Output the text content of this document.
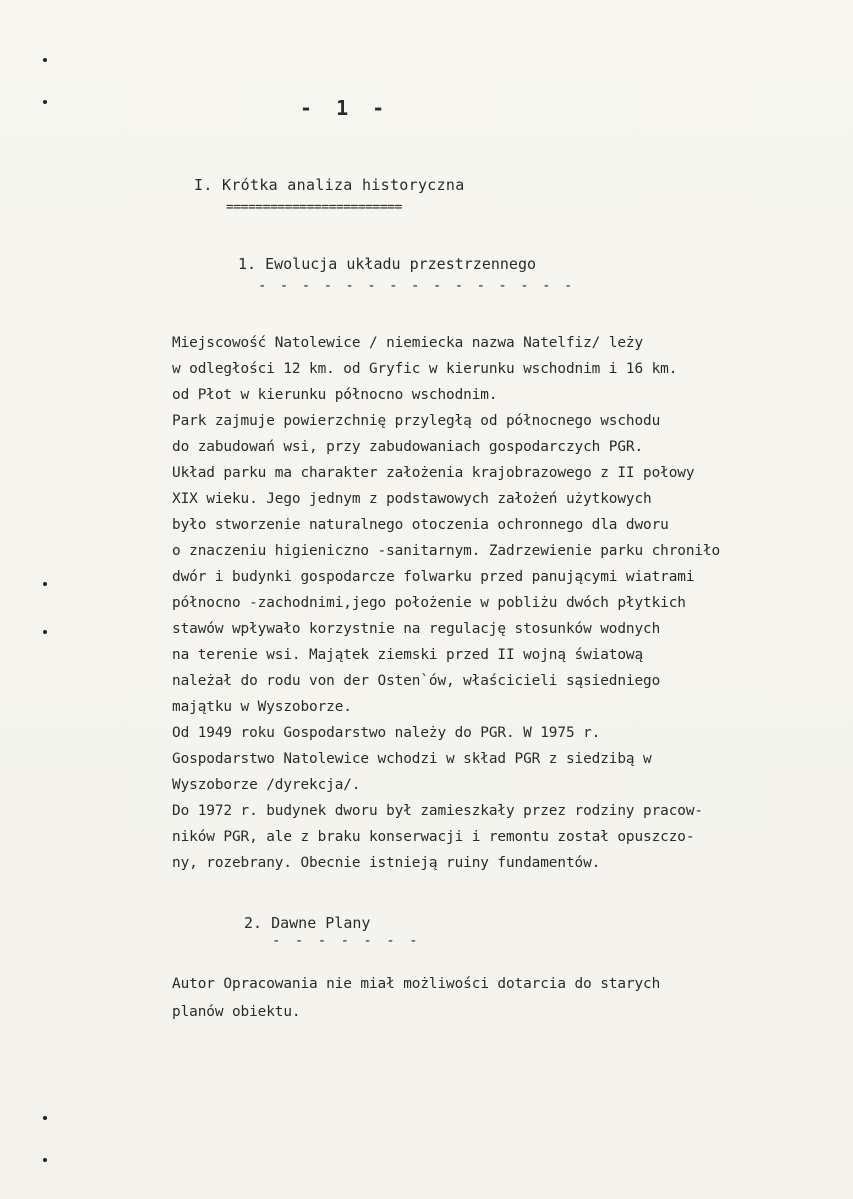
- 1 -
I. Krótka analiza historyczna
========================
1. Ewolucja układu przestrzennego
- - - - - - - - - - - - - - -
Miejscowość Natolewice / niemiecka nazwa Natelfiz/ leży
w odległości 12 km. od Gryfic w kierunku wschodnim i 16 km.
od Płot w kierunku północno wschodnim.
Park zajmuje powierzchnię przyległą od północnego wschodu
do zabudowań wsi, przy zabudowaniach gospodarczych PGR.
Układ parku ma charakter założenia krajobrazowego z II połowy
XIX wieku. Jego jednym z podstawowych założeń użytkowych
było stworzenie naturalnego otoczenia ochronnego dla dworu
o znaczeniu higieniczno -sanitarnym. Zadrzewienie parku chroniło
dwór i budynki gospodarcze folwarku przed panującymi wiatrami
północno -zachodnimi,jego położenie w pobliżu dwóch płytkich
stawów wpływało korzystnie na regulację stosunków wodnych
na terenie wsi. Majątek ziemski przed II wojną światową
należał do rodu von der Osten`ów, właścicieli sąsiedniego
majątku w Wyszoborze.
Od 1949 roku Gospodarstwo należy do PGR. W 1975 r.
Gospodarstwo Natolewice wchodzi w skład PGR z siedzibą w
Wyszoborze /dyrekcja/.
Do 1972 r. budynek dworu był zamieszkały przez rodziny pracow-
ników PGR, ale z braku konserwacji i remontu został opuszczo-
ny, rozebrany. Obecnie istnieją ruiny fundamentów.
2. Dawne Plany
- - - - - - -
Autor Opracowania nie miał możliwości dotarcia do starych
planów obiektu.
